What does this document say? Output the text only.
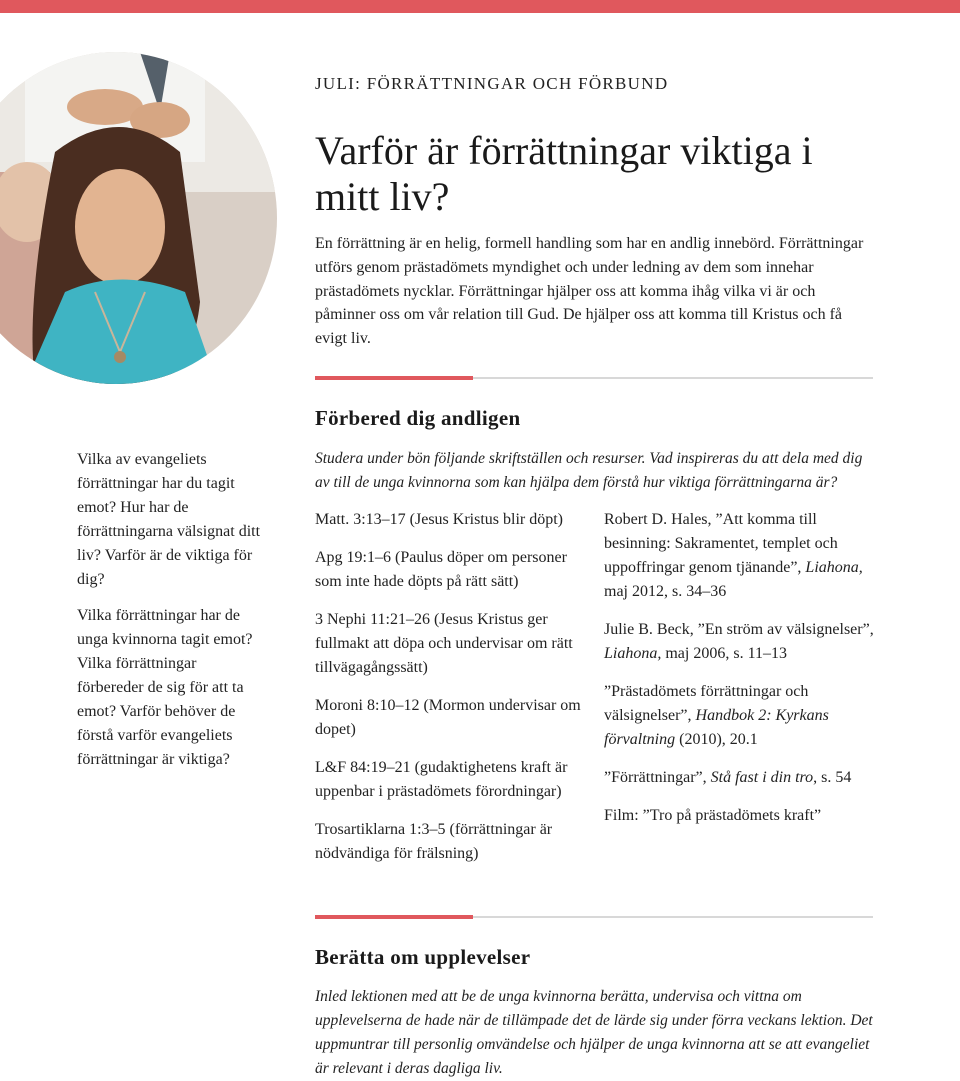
JULI: FÖRRÄTTNINGAR OCH FÖRBUND
Varför är förrättningar viktiga i mitt liv?

En förrättning är en helig, formell handling som har en andlig innebörd. Förrättningar utförs genom prästadömets myndighet och under ledning av dem som innehar prästadömets nycklar. Förrättningar hjälper oss att komma ihåg vilka vi är och påminner oss om vår relation till Gud. De hjälper oss att komma till Kristus och få evigt liv.

Förbered dig andligen

Studera under bön följande skriftställen och resurser. Vad inspireras du att dela med dig av till de unga kvinnorna som kan hjälpa dem förstå hur viktiga förrättningarna är?

Vilka av evangeliets förrättningar har du tagit emot? Hur har de förrättningarna välsignat ditt liv? Varför är de viktiga för dig?

Vilka förrättningar har de unga kvinnorna tagit emot? Vilka förrättningar förbereder de sig för att ta emot? Varför behöver de förstå varför evangeliets förrättningar är viktiga?

Matt. 3:13–17 (Jesus Kristus blir döpt)

Apg 19:1–6 (Paulus döper om personer som inte hade döpts på rätt sätt)

3 Nephi 11:21–26 (Jesus Kristus ger fullmakt att döpa och undervisar om rätt tillvägagångssätt)

Moroni 8:10–12 (Mormon undervisar om dopet)

L&F 84:19–21 (gudaktighetens kraft är uppenbar i prästadömets förordningar)

Trosartiklarna 1:3–5 (förrättningar är nödvändiga för frälsning)

Robert D. Hales, ”Att komma till besinning: Sakramentet, templet och uppoffringar genom tjänande”, Liahona, maj 2012, s. 34–36

Julie B. Beck, ”En ström av välsignelser”, Liahona, maj 2006, s. 11–13

”Prästadömets förrättningar och välsignelser”, Handbok 2: Kyrkans förvaltning (2010), 20.1

”Förrättningar”, Stå fast i din tro, s. 54

Film: ”Tro på prästadömets kraft”

Berätta om upplevelser

Inled lektionen med att be de unga kvinnorna berätta, undervisa och vittna om upplevelserna de hade när de tillämpade det de lärde sig under förra veckans lektion. Det uppmuntrar till personlig omvändelse och hjälper de unga kvinnorna att se att evangeliet är relevant i deras dagliga liv.
